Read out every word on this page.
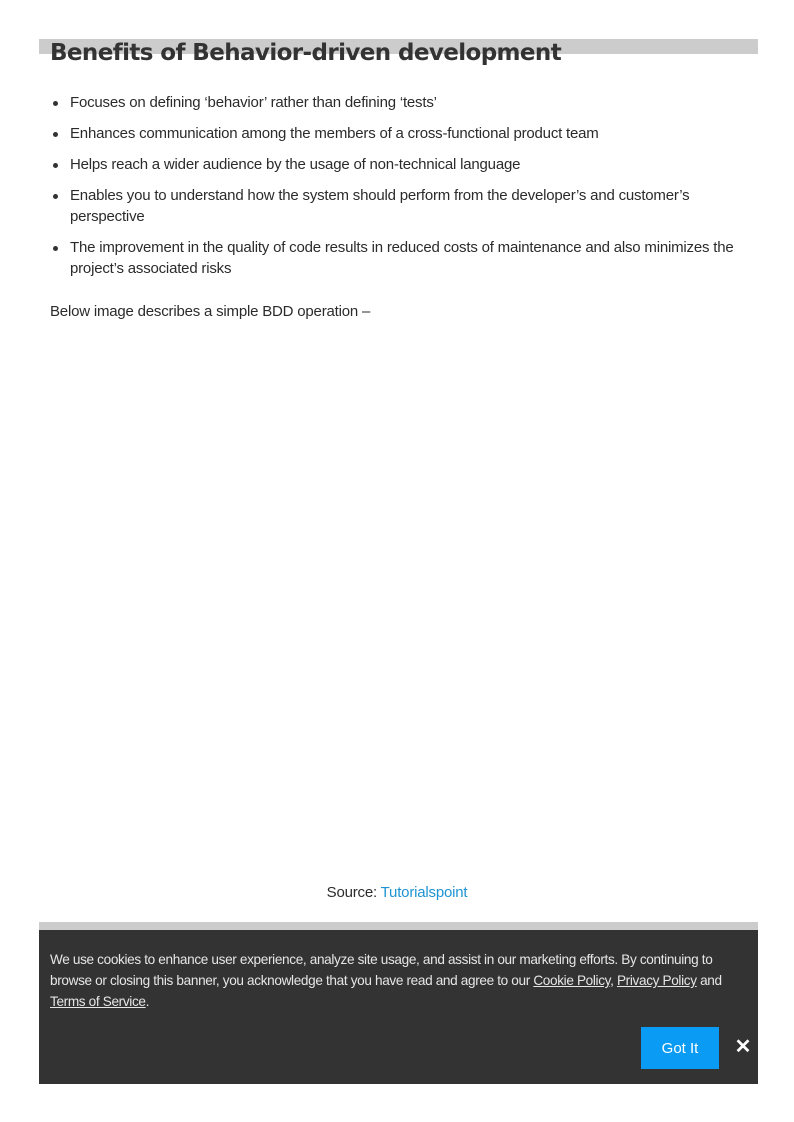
Benefits of Behavior-driven development
Focuses on defining ‘behavior’ rather than defining ‘tests’
Enhances communication among the members of a cross-functional product team
Helps reach a wider audience by the usage of non-technical language
Enables you to understand how the system should perform from the developer’s and customer’s perspective
The improvement in the quality of code results in reduced costs of maintenance and also minimizes the project’s associated risks

Below image describes a simple BDD operation –

Source: Tutorialspoint

We use cookies to enhance user experience, analyze site usage, and assist in our marketing efforts. By continuing to browse or closing this banner, you acknowledge that you have read and agree to our Cookie Policy, Privacy Policy and Terms of Service.

Got It	✕
